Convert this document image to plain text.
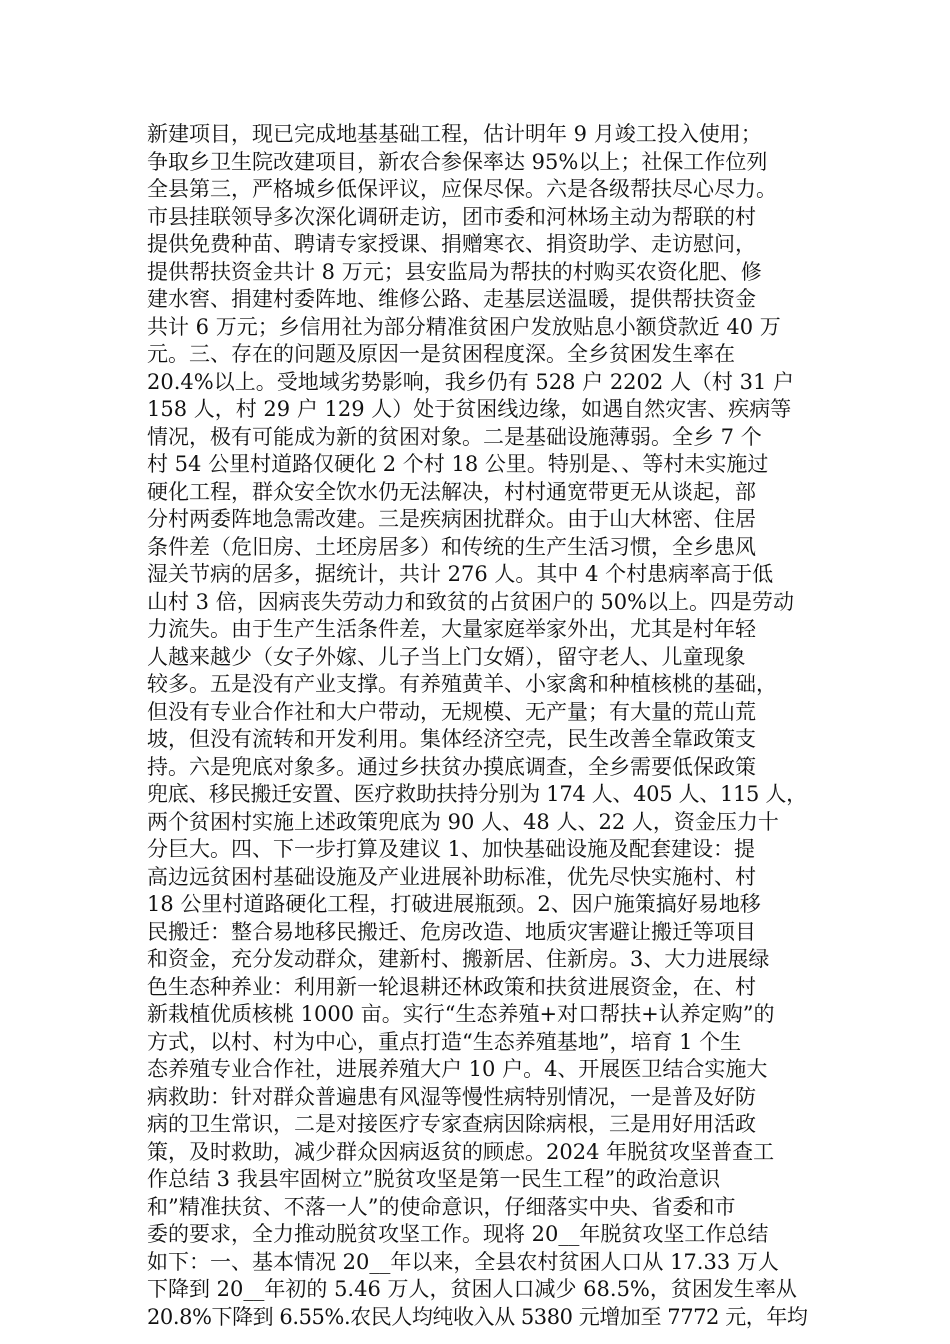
新建项目，现已完成地基基础工程，估计明年 9 月竣工投入使用；
争取乡卫生院改建项目，新农合参保率达 95%以上；社保工作位列
全县第三，严格城乡低保评议，应保尽保。六是各级帮扶尽心尽力。
市县挂联领导多次深化调研走访，团市委和河林场主动为帮联的村
提供免费种苗、聘请专家授课、捐赠寒衣、捐资助学、走访慰问，
提供帮扶资金共计 8 万元；县安监局为帮扶的村购买农资化肥、修
建水窖、捐建村委阵地、维修公路、走基层送温暖，提供帮扶资金
共计 6 万元；乡信用社为部分精准贫困户发放贴息小额贷款近 40 万
元。三、存在的问题及原因一是贫困程度深。全乡贫困发生率在
20.4%以上。受地域劣势影响，我乡仍有 528 户 2202 人（村 31 户
158 人，村 29 户 129 人）处于贫困线边缘，如遇自然灾害、疾病等
情况，极有可能成为新的贫困对象。二是基础设施薄弱。全乡 7 个
村 54 公里村道路仅硬化 2 个村 18 公里。特别是、、等村未实施过
硬化工程，群众安全饮水仍无法解决，村村通宽带更无从谈起，部
分村两委阵地急需改建。三是疾病困扰群众。由于山大林密、住居
条件差（危旧房、土坯房居多）和传统的生产生活习惯，全乡患风
湿关节病的居多，据统计，共计 276 人。其中 4 个村患病率高于低
山村 3 倍，因病丧失劳动力和致贫的占贫困户的 50%以上。四是劳动
力流失。由于生产生活条件差，大量家庭举家外出，尤其是村年轻
人越来越少（女子外嫁、儿子当上门女婿），留守老人、儿童现象
较多。五是没有产业支撑。有养殖黄羊、小家禽和种植核桃的基础，
但没有专业合作社和大户带动，无规模、无产量；有大量的荒山荒
坡，但没有流转和开发利用。集体经济空壳，民生改善全靠政策支
持。六是兜底对象多。通过乡扶贫办摸底调查，全乡需要低保政策
兜底、移民搬迁安置、医疗救助扶持分别为 174 人、405 人、115 人，
两个贫困村实施上述政策兜底为 90 人、48 人、22 人，资金压力十
分巨大。四、下一步打算及建议 1、加快基础设施及配套建设：提
高边远贫困村基础设施及产业进展补助标准，优先尽快实施村、村
18 公里村道路硬化工程，打破进展瓶颈。2、因户施策搞好易地移
民搬迁：整合易地移民搬迁、危房改造、地质灾害避让搬迁等项目
和资金，充分发动群众，建新村、搬新居、住新房。3、大力进展绿
色生态种养业：利用新一轮退耕还林政策和扶贫进展资金，在、村
新栽植优质核桃 1000 亩。实行“生态养殖+对口帮扶+认养定购”的
方式，以村、村为中心，重点打造“生态养殖基地”，培育 1 个生
态养殖专业合作社，进展养殖大户 10 户。4、开展医卫结合实施大
病救助：针对群众普遍患有风湿等慢性病特别情况，一是普及好防
病的卫生常识，二是对接医疗专家查病因除病根，三是用好用活政
策，及时救助，减少群众因病返贫的顾虑。2024 年脱贫攻坚普查工
作总结 3 我县牢固树立”脱贫攻坚是第一民生工程”的政治意识
和”精准扶贫、不落一人”的使命意识，仔细落实中央、省委和市
委的要求，全力推动脱贫攻坚工作。现将 20__年脱贫攻坚工作总结
如下：一、基本情况 20__年以来，全县农村贫困人口从 17.33 万人
下降到 20__年初的 5.46 万人，贫困人口减少 68.5%，贫困发生率从
20.8%下降到 6.55%.农民人均纯收入从 5380 元增加至 7772 元，年均
